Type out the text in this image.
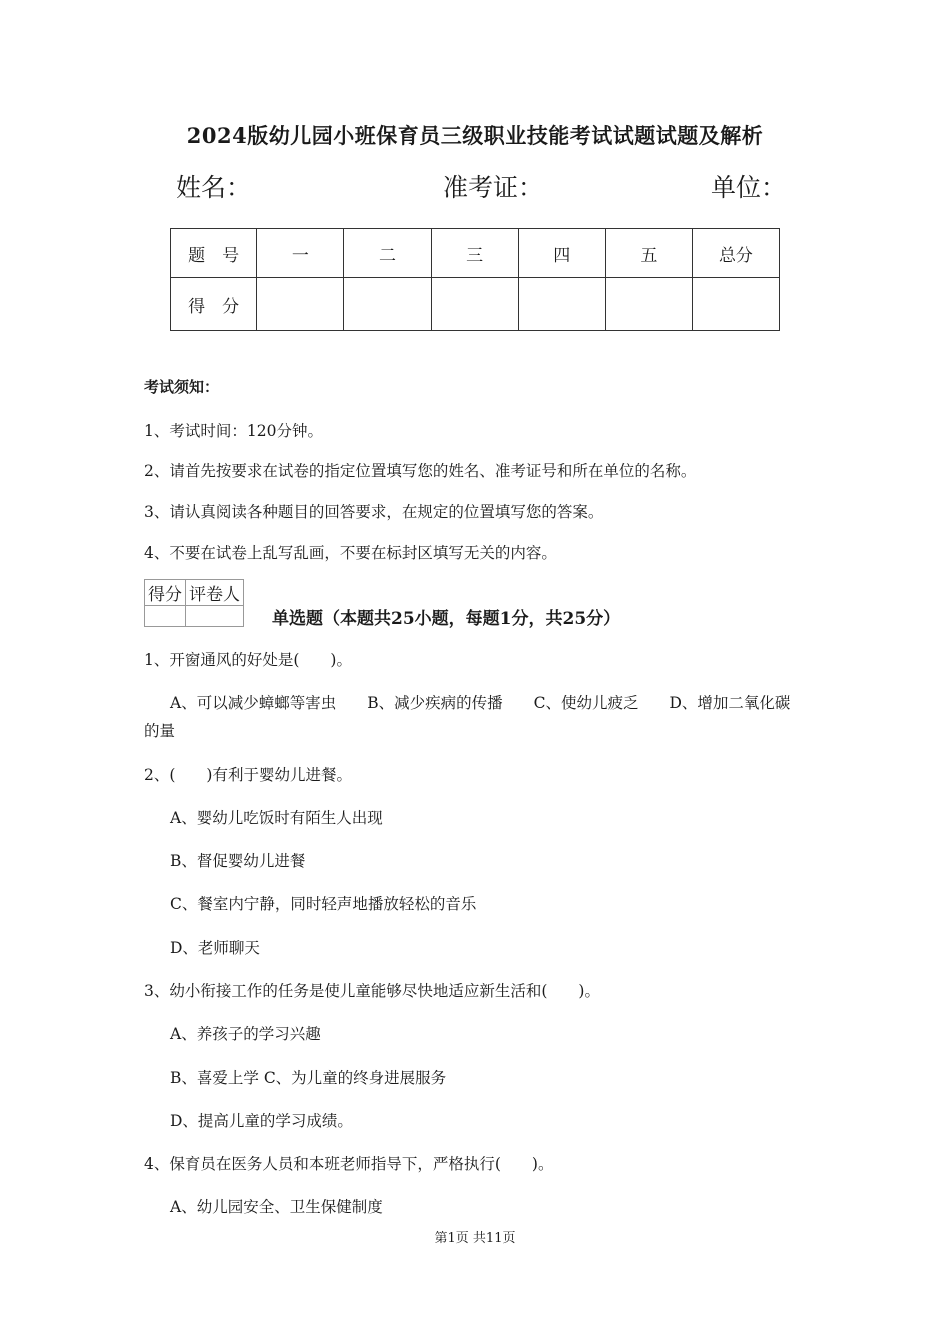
2024版幼儿园小班保育员三级职业技能考试试题试题及解析
姓名：	准考证：	单位：
题　号	一	二	三	四	五	总分
得　分						
考试须知：
1、考试时间：120分钟。
2、请首先按要求在试卷的指定位置填写您的姓名、准考证号和所在单位的名称。
3、请认真阅读各种题目的回答要求，在规定的位置填写您的答案。
4、不要在试卷上乱写乱画，不要在标封区填写无关的内容。
得分	评卷人

单选题（本题共25小题，每题1分，共25分）
1、开窗通风的好处是(　　)。
A、可以减少蟑螂等害虫　　B、减少疾病的传播　　C、使幼儿疲乏　　D、增加二氧化碳
的量
2、(　　)有利于婴幼儿进餐。
A、婴幼儿吃饭时有陌生人出现
B、督促婴幼儿进餐
C、餐室内宁静，同时轻声地播放轻松的音乐
D、老师聊天
3、幼小衔接工作的任务是使儿童能够尽快地适应新生活和(　　)。
A、养孩子的学习兴趣
B、喜爱上学 C、为儿童的终身进展服务
D、提高儿童的学习成绩。
4、保育员在医务人员和本班老师指导下，严格执行(　　)。
A、幼儿园安全、卫生保健制度
第1页 共11页
